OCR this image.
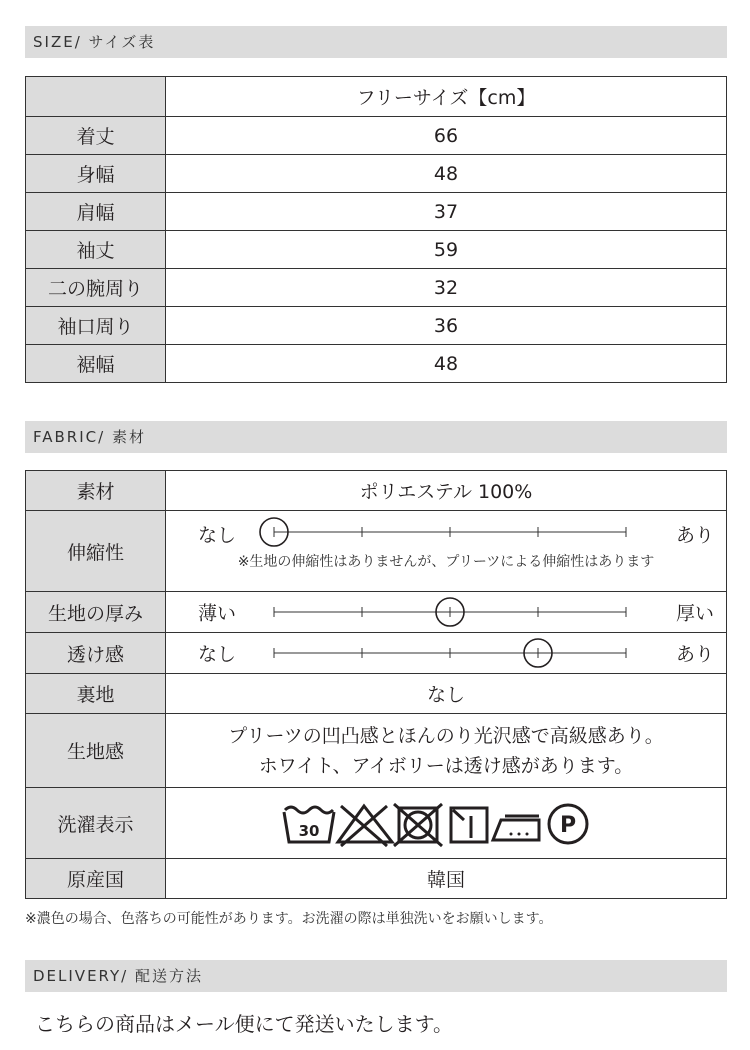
SIZE/ サイズ表
	フリーサイズ【cm】
着丈	66
身幅	48
肩幅	37
袖丈	59
二の腕周り	32
袖口周り	36
裾幅	48
FABRIC/ 素材
素材	ポリエステル 100%
伸縮性	なし あり
※生地の伸縮性はありませんが、プリーツによる伸縮性はあります

生地の厚み	薄い 厚い

透け感	なし あり

裏地	なし
生地感	プリーツの凹凸感とほんのり光沢感で高級感あり。
ホワイト、アイボリーは透け感があります。

洗濯表示	30 P

原産国	韓国
※濃色の場合、色落ちの可能性があります。お洗濯の際は単独洗いをお願いします。
DELIVERY/ 配送方法
こちらの商品はメール便にて発送いたします。
